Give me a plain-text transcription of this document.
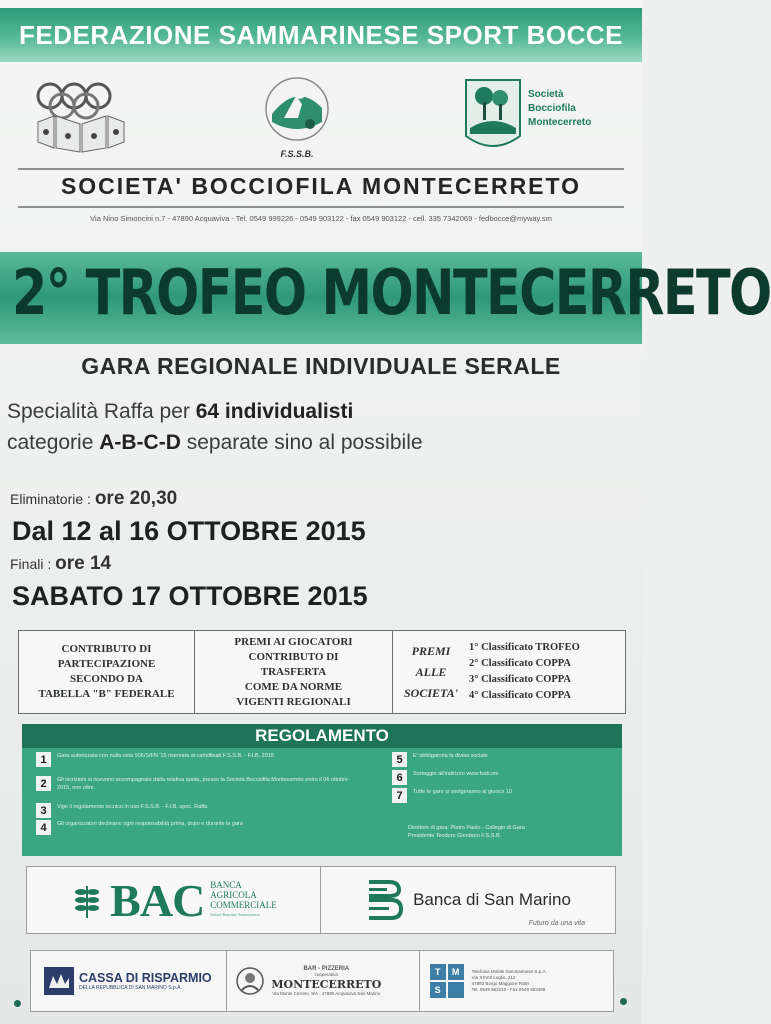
FEDERAZIONE SAMMARINESE SPORT BOCCE
F.S.S.B.
Società
Bocciofila
Montecerreto
SOCIETA' BOCCIOFILA MONTECERRETO
Via Nino Simoncini n.7 - 47890 Acquaviva - Tel. 0549 999226 - 0549 903122 - fax 0549 903122 - cell. 335 7342069 - fedbocce@myway.sm
2° TROFEO MONTECERRETO
GARA REGIONALE INDIVIDUALE SERALE
Specialità Raffa per 64 individualisti
categorie A-B-C-D separate sino al possibile
Eliminatorie : ore 20,30
Dal 12 al 16 OTTOBRE 2015
Finali : ore 14
SABATO 17 OTTOBRE 2015
CONTRIBUTO DI
PARTECIPAZIONE
SECONDO DA
TABELLA "B" FEDERALE
PREMI AI GIOCATORI
CONTRIBUTO DI
TRASFERTA
COME DA NORME
VIGENTI REGIONALI
PREMI
ALLE
SOCIETA'
1° Classificato TROFEO
2° Classificato COPPA
3° Classificato COPPA
4° Classificato COPPA
REGOLAMENTO
1	Gara autorizzata con nulla osta 906/S/FN '15 riservata ai cartellinati F.S.S.B. - F.I.B. 2015
2	Gli iscrizioni si ricevono accompagnate dalla relativa quota, presso la Società Bocciofila Montecerreto entro il 06 ottobre 2015, non oltre
3	Vige il regolamento tecnico in uso F.S.S.B. - F.I.B. spec. Raffa
4	Gli organizzatori declinano ogni responsabilità prima, dopo e durante la gara
5	E' obbligatoria la divisa sociale
6	Sorteggio all'indirizzo www.fssb.sm
7	Tutte le gare si svolgeranno al giuoco 10
Direttore di gara: Pietro Paolo - Collegio di Gara
Presidente Teodoro Giordano F.S.S.B.
BAC BANCA
AGRICOLA
COMMERCIALE
Istituto Bancario Sammarinese
Banca di San Marino
Futuro da una vita
CASSA DI RISPARMIO
DELLA REPUBBLICA DI SAN MARINO S.p.A.
BAR - PIZZERIA
cooperativa
MONTECERRETO
Via Monte Cerreto, 9/A - 47890 Acquaviva San Marino
T	M
S
Telefonia Mobile Sammarinese S.p.A.
Via XXVIII Luglio, 212
47893 Borgo Maggiore RSM
Tel. 0549 963210 - Fax 0549 963399
